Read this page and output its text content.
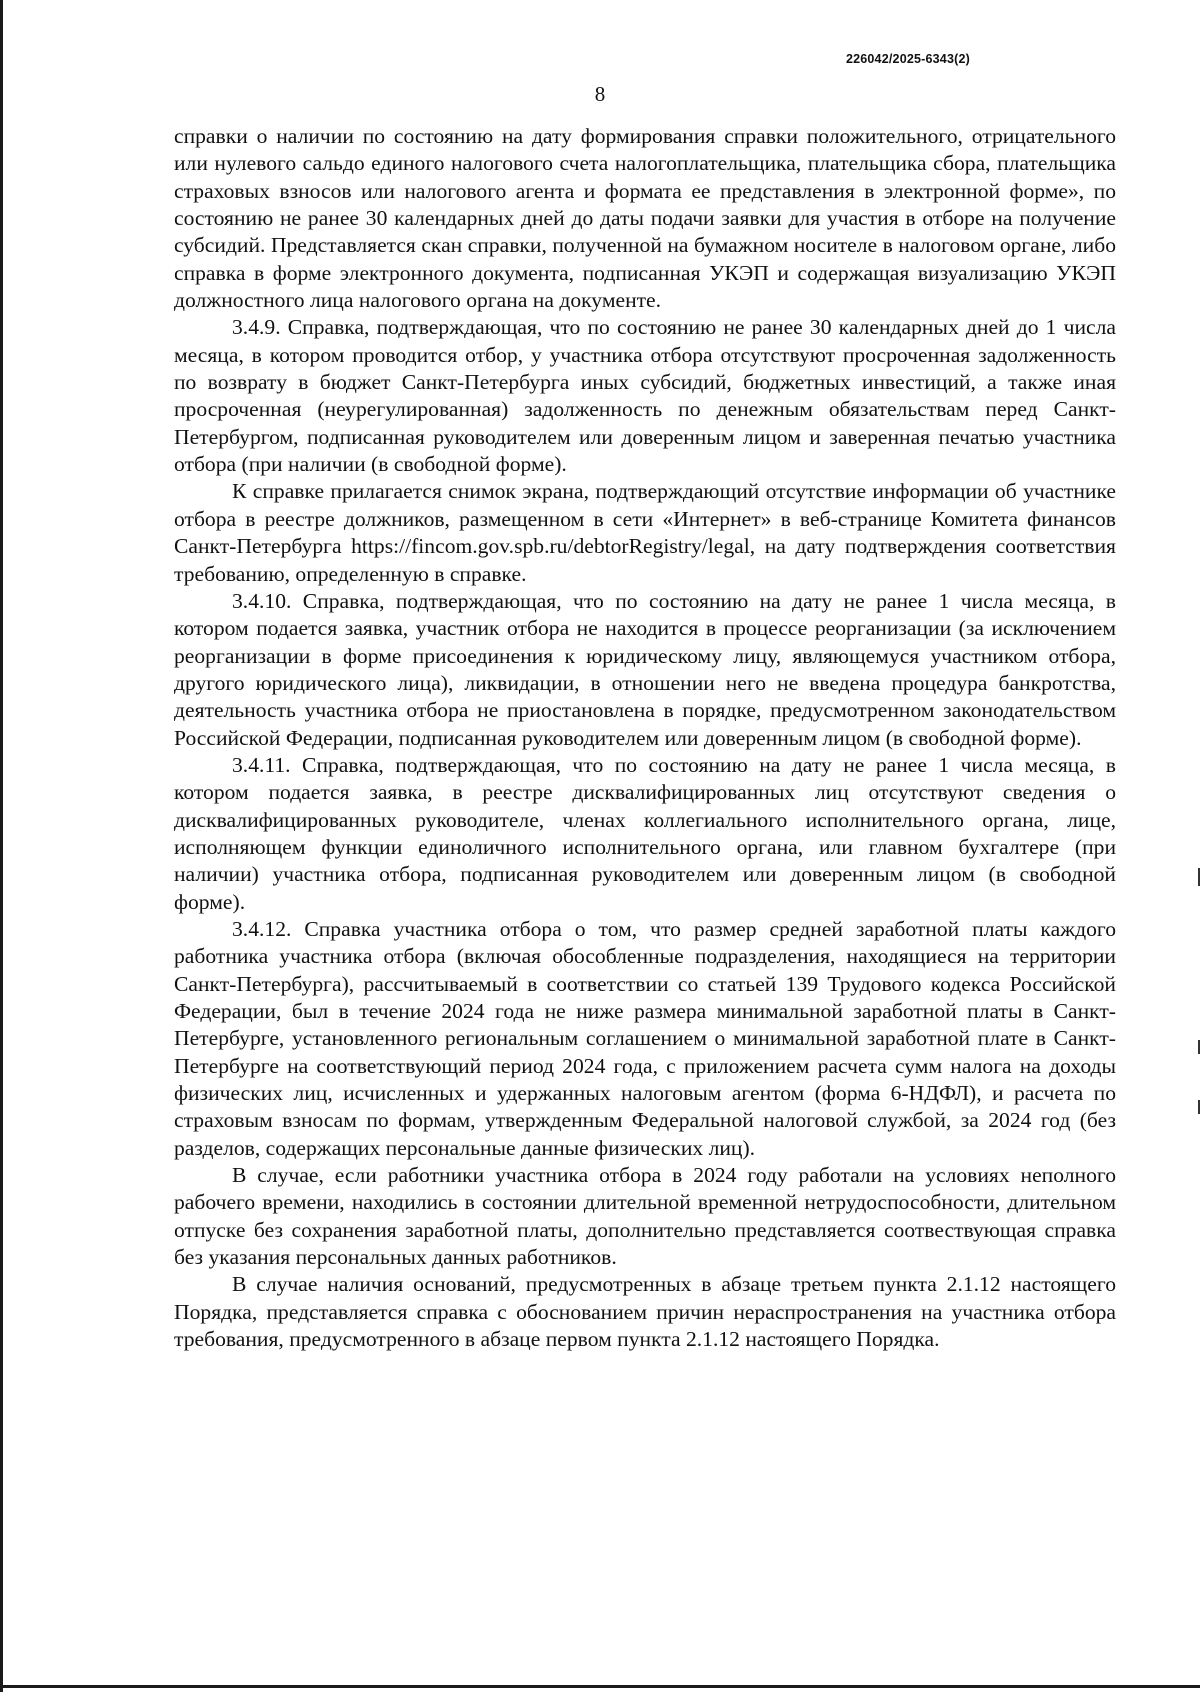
226042/2025-6343(2)
8

справки о наличии по состоянию на дату формирования справки положительного, отрицательного или нулевого сальдо единого налогового счета налогоплательщика, плательщика сбора, плательщика страховых взносов или налогового агента и формата ее представления в электронной форме», по состоянию не ранее 30 календарных дней до даты подачи заявки для участия в отборе на получение субсидий. Представляется скан справки, полученной на бумажном носителе в налоговом органе, либо справка в форме электронного документа, подписанная УКЭП и содержащая визуализацию УКЭП должностного лица налогового органа на документе.

3.4.9. Справка, подтверждающая, что по состоянию не ранее 30 календарных дней до 1 числа месяца, в котором проводится отбор, у участника отбора отсутствуют просроченная задолженность по возврату в бюджет Санкт-Петербурга иных субсидий, бюджетных инвестиций, а также иная просроченная (неурегулированная) задолженность по денежным обязательствам перед Санкт-Петербургом, подписанная руководителем или доверенным лицом и заверенная печатью участника отбора (при наличии (в свободной форме).

К справке прилагается снимок экрана, подтверждающий отсутствие информации об участнике отбора в реестре должников, размещенном в сети «Интернет» в веб-странице Комитета финансов Санкт-Петербурга https://fincom.gov.spb.ru/debtorRegistry/legal, на дату подтверждения соответствия требованию, определенную в справке.

3.4.10. Справка, подтверждающая, что по состоянию на дату не ранее 1 числа месяца, в котором подается заявка, участник отбора не находится в процессе реорганизации (за исключением реорганизации в форме присоединения к юридическому лицу, являющемуся участником отбора, другого юридического лица), ликвидации, в отношении него не введена процедура банкротства, деятельность участника отбора не приостановлена в порядке, предусмотренном законодательством Российской Федерации, подписанная руководителем или доверенным лицом (в свободной форме).

3.4.11. Справка, подтверждающая, что по состоянию на дату не ранее 1 числа месяца, в котором подается заявка, в реестре дисквалифицированных лиц отсутствуют сведения о дисквалифицированных руководителе, членах коллегиального исполнительного органа, лице, исполняющем функции единоличного исполнительного органа, или главном бухгалтере (при наличии) участника отбора, подписанная руководителем или доверенным лицом (в свободной форме).

3.4.12. Справка участника отбора о том, что размер средней заработной платы каждого работника участника отбора (включая обособленные подразделения, находящиеся на территории Санкт-Петербурга), рассчитываемый в соответствии со статьей 139 Трудового кодекса Российской Федерации, был в течение 2024 года не ниже размера минимальной заработной платы в Санкт-Петербурге, установленного региональным соглашением о минимальной заработной плате в Санкт-Петербурге на соответствующий период 2024 года, с приложением расчета сумм налога на доходы физических лиц, исчисленных и удержанных налоговым агентом (форма 6-НДФЛ), и расчета по страховым взносам по формам, утвержденным Федеральной налоговой службой, за 2024 год (без разделов, содержащих персональные данные физических лиц).

В случае, если работники участника отбора в 2024 году работали на условиях неполного рабочего времени, находились в состоянии длительной временной нетрудоспособности, длительном отпуске без сохранения заработной платы, дополнительно представляется соотвествующая справка без указания персональных данных работников.

В случае наличия оснований, предусмотренных в абзаце третьем пункта 2.1.12 настоящего Порядка, представляется справка с обоснованием причин нераспространения на участника отбора требования, предусмотренного в абзаце первом пункта 2.1.12 настоящего Порядка.
